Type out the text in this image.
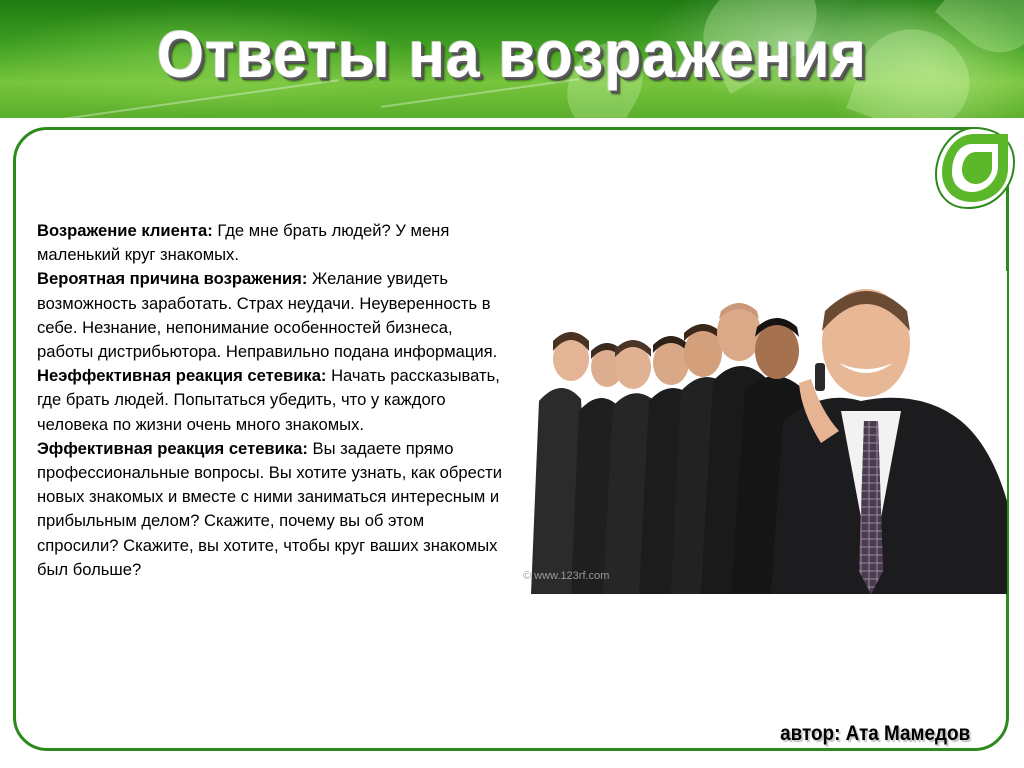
Ответы на возражения

Возражение клиента: Где мне брать людей? У меня маленький круг знакомых.

Вероятная причина возражения: Желание увидеть возможность заработать. Страх неудачи. Неуверенность в себе. Незнание, непонимание особенностей бизнеса, работы дистрибьютора. Неправильно подана информация.

Неэффективная реакция сетевика: Начать рассказывать, где брать людей. Попытаться убедить, что у каждого человека по жизни очень много знакомых.

Эффективная реакция сетевика: Вы задаете прямо профессиональные вопросы. Вы хотите узнать, как обрести новых знакомых и вместе с ними заниматься интересным и прибыльным делом? Скажите, почему вы об этом спросили? Скажите, вы хотите, чтобы круг ваших знакомых был больше?	© www.123rf.com
автор: Ата Мамедов
